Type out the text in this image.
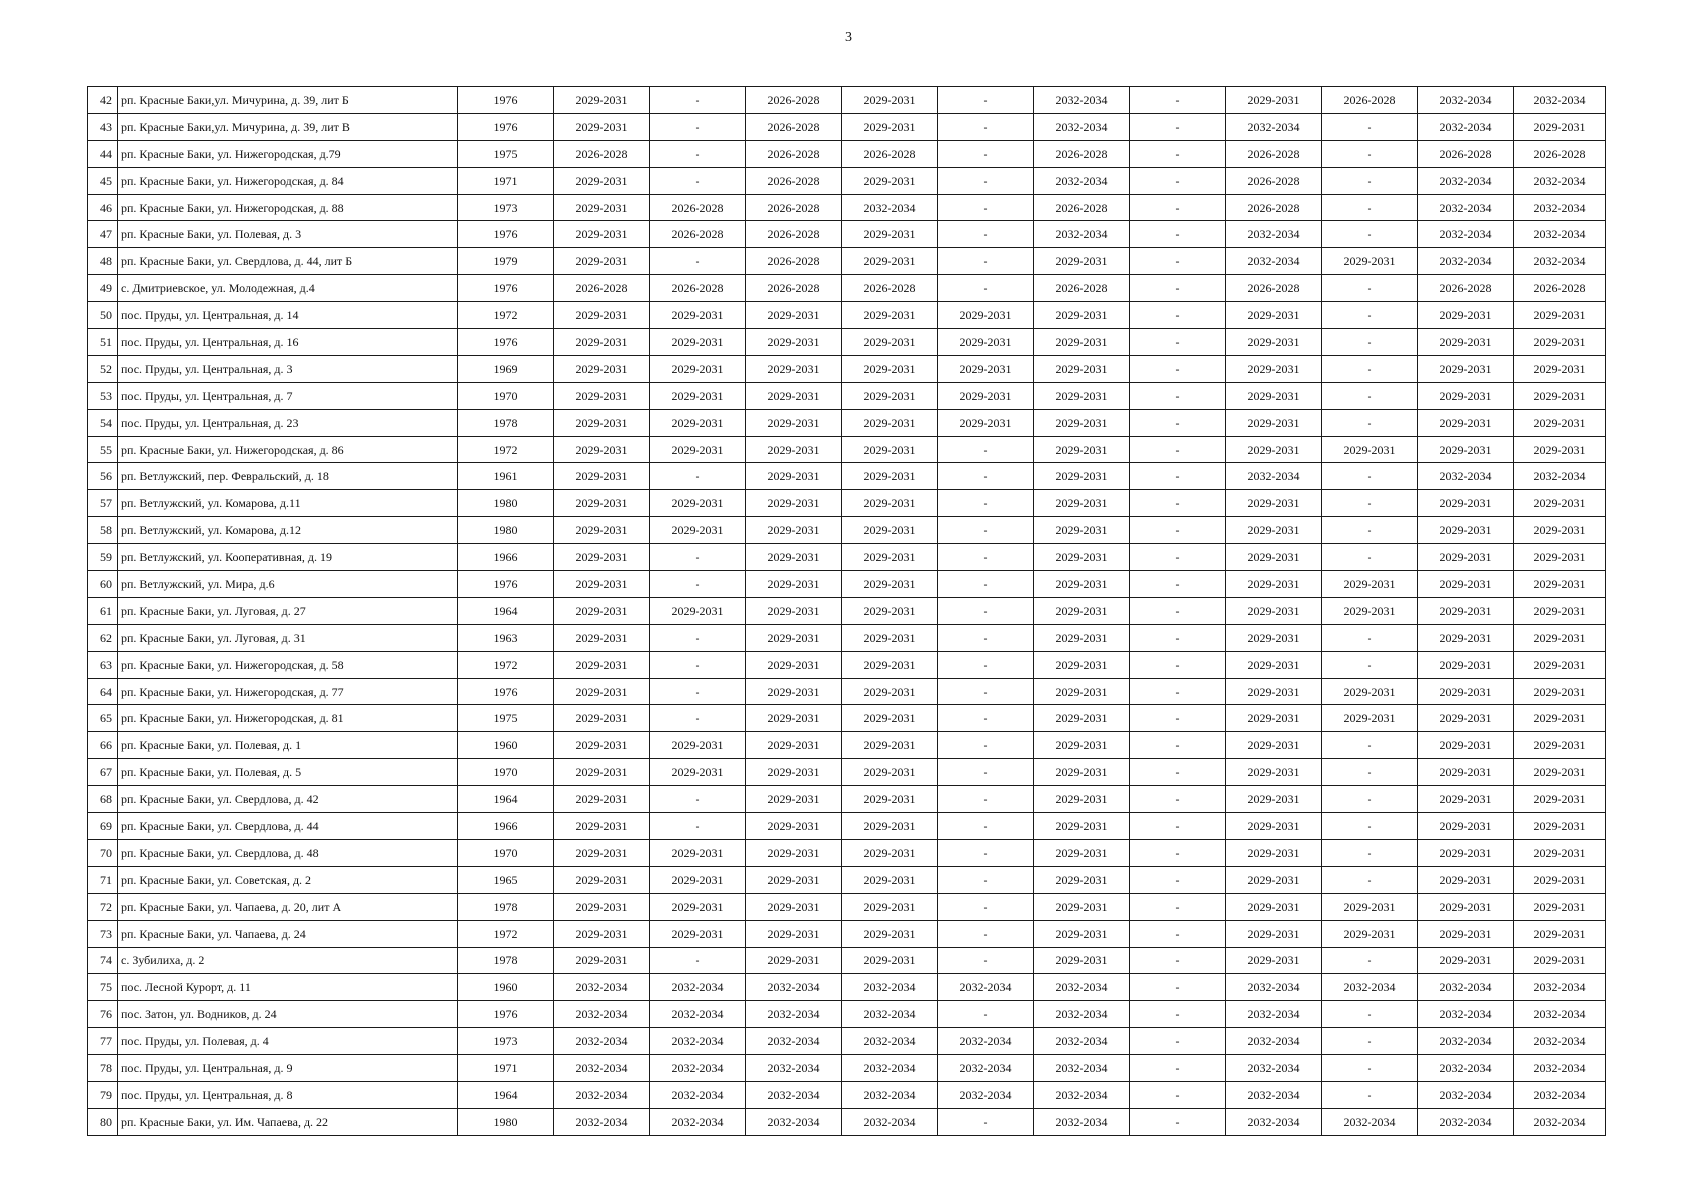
3
42	рп. Красные Баки,ул. Мичурина, д. 39, лит Б	1976	2029-2031	-	2026-2028	2029-2031	-	2032-2034	-	2029-2031	2026-2028	2032-2034	2032-2034
43	рп. Красные Баки,ул. Мичурина, д. 39, лит В	1976	2029-2031	-	2026-2028	2029-2031	-	2032-2034	-	2032-2034	-	2032-2034	2029-2031
44	рп. Красные Баки, ул. Нижегородская, д.79	1975	2026-2028	-	2026-2028	2026-2028	-	2026-2028	-	2026-2028	-	2026-2028	2026-2028
45	рп. Красные Баки, ул. Нижегородская, д. 84	1971	2029-2031	-	2026-2028	2029-2031	-	2032-2034	-	2026-2028	-	2032-2034	2032-2034
46	рп. Красные Баки, ул. Нижегородская, д. 88	1973	2029-2031	2026-2028	2026-2028	2032-2034	-	2026-2028	-	2026-2028	-	2032-2034	2032-2034
47	рп. Красные Баки, ул. Полевая, д. 3	1976	2029-2031	2026-2028	2026-2028	2029-2031	-	2032-2034	-	2032-2034	-	2032-2034	2032-2034
48	рп. Красные Баки, ул. Свердлова, д. 44, лит Б	1979	2029-2031	-	2026-2028	2029-2031	-	2029-2031	-	2032-2034	2029-2031	2032-2034	2032-2034
49	с. Дмитриевское, ул. Молодежная, д.4	1976	2026-2028	2026-2028	2026-2028	2026-2028	-	2026-2028	-	2026-2028	-	2026-2028	2026-2028
50	пос. Пруды, ул. Центральная, д. 14	1972	2029-2031	2029-2031	2029-2031	2029-2031	2029-2031	2029-2031	-	2029-2031	-	2029-2031	2029-2031
51	пос. Пруды, ул. Центральная, д. 16	1976	2029-2031	2029-2031	2029-2031	2029-2031	2029-2031	2029-2031	-	2029-2031	-	2029-2031	2029-2031
52	пос. Пруды, ул. Центральная, д. 3	1969	2029-2031	2029-2031	2029-2031	2029-2031	2029-2031	2029-2031	-	2029-2031	-	2029-2031	2029-2031
53	пос. Пруды, ул. Центральная, д. 7	1970	2029-2031	2029-2031	2029-2031	2029-2031	2029-2031	2029-2031	-	2029-2031	-	2029-2031	2029-2031
54	пос. Пруды, ул. Центральная, д. 23	1978	2029-2031	2029-2031	2029-2031	2029-2031	2029-2031	2029-2031	-	2029-2031	-	2029-2031	2029-2031
55	рп. Красные Баки, ул. Нижегородская, д. 86	1972	2029-2031	2029-2031	2029-2031	2029-2031	-	2029-2031	-	2029-2031	2029-2031	2029-2031	2029-2031
56	рп. Ветлужский, пер. Февральский, д. 18	1961	2029-2031	-	2029-2031	2029-2031	-	2029-2031	-	2032-2034	-	2032-2034	2032-2034
57	рп. Ветлужский, ул. Комарова, д.11	1980	2029-2031	2029-2031	2029-2031	2029-2031	-	2029-2031	-	2029-2031	-	2029-2031	2029-2031
58	рп. Ветлужский, ул. Комарова, д.12	1980	2029-2031	2029-2031	2029-2031	2029-2031	-	2029-2031	-	2029-2031	-	2029-2031	2029-2031
59	рп. Ветлужский, ул. Кооперативная, д. 19	1966	2029-2031	-	2029-2031	2029-2031	-	2029-2031	-	2029-2031	-	2029-2031	2029-2031
60	рп. Ветлужский, ул. Мира, д.6	1976	2029-2031	-	2029-2031	2029-2031	-	2029-2031	-	2029-2031	2029-2031	2029-2031	2029-2031
61	рп. Красные Баки, ул. Луговая, д. 27	1964	2029-2031	2029-2031	2029-2031	2029-2031	-	2029-2031	-	2029-2031	2029-2031	2029-2031	2029-2031
62	рп. Красные Баки, ул. Луговая, д. 31	1963	2029-2031	-	2029-2031	2029-2031	-	2029-2031	-	2029-2031	-	2029-2031	2029-2031
63	рп. Красные Баки, ул. Нижегородская, д. 58	1972	2029-2031	-	2029-2031	2029-2031	-	2029-2031	-	2029-2031	-	2029-2031	2029-2031
64	рп. Красные Баки, ул. Нижегородская, д. 77	1976	2029-2031	-	2029-2031	2029-2031	-	2029-2031	-	2029-2031	2029-2031	2029-2031	2029-2031
65	рп. Красные Баки, ул. Нижегородская, д. 81	1975	2029-2031	-	2029-2031	2029-2031	-	2029-2031	-	2029-2031	2029-2031	2029-2031	2029-2031
66	рп. Красные Баки, ул. Полевая, д. 1	1960	2029-2031	2029-2031	2029-2031	2029-2031	-	2029-2031	-	2029-2031	-	2029-2031	2029-2031
67	рп. Красные Баки, ул. Полевая, д. 5	1970	2029-2031	2029-2031	2029-2031	2029-2031	-	2029-2031	-	2029-2031	-	2029-2031	2029-2031
68	рп. Красные Баки, ул. Свердлова, д. 42	1964	2029-2031	-	2029-2031	2029-2031	-	2029-2031	-	2029-2031	-	2029-2031	2029-2031
69	рп. Красные Баки, ул. Свердлова, д. 44	1966	2029-2031	-	2029-2031	2029-2031	-	2029-2031	-	2029-2031	-	2029-2031	2029-2031
70	рп. Красные Баки, ул. Свердлова, д. 48	1970	2029-2031	2029-2031	2029-2031	2029-2031	-	2029-2031	-	2029-2031	-	2029-2031	2029-2031
71	рп. Красные Баки, ул. Советская, д. 2	1965	2029-2031	2029-2031	2029-2031	2029-2031	-	2029-2031	-	2029-2031	-	2029-2031	2029-2031
72	рп. Красные Баки, ул. Чапаева, д. 20, лит А	1978	2029-2031	2029-2031	2029-2031	2029-2031	-	2029-2031	-	2029-2031	2029-2031	2029-2031	2029-2031
73	рп. Красные Баки, ул. Чапаева, д. 24	1972	2029-2031	2029-2031	2029-2031	2029-2031	-	2029-2031	-	2029-2031	2029-2031	2029-2031	2029-2031
74	с. Зубилиха, д. 2	1978	2029-2031	-	2029-2031	2029-2031	-	2029-2031	-	2029-2031	-	2029-2031	2029-2031
75	пос. Лесной Курорт, д. 11	1960	2032-2034	2032-2034	2032-2034	2032-2034	2032-2034	2032-2034	-	2032-2034	2032-2034	2032-2034	2032-2034
76	пос. Затон, ул. Водников, д. 24	1976	2032-2034	2032-2034	2032-2034	2032-2034	-	2032-2034	-	2032-2034	-	2032-2034	2032-2034
77	пос. Пруды, ул. Полевая, д. 4	1973	2032-2034	2032-2034	2032-2034	2032-2034	2032-2034	2032-2034	-	2032-2034	-	2032-2034	2032-2034
78	пос. Пруды, ул. Центральная, д. 9	1971	2032-2034	2032-2034	2032-2034	2032-2034	2032-2034	2032-2034	-	2032-2034	-	2032-2034	2032-2034
79	пос. Пруды, ул. Центральная, д. 8	1964	2032-2034	2032-2034	2032-2034	2032-2034	2032-2034	2032-2034	-	2032-2034	-	2032-2034	2032-2034
80	рп. Красные Баки, ул. Им. Чапаева, д. 22	1980	2032-2034	2032-2034	2032-2034	2032-2034	-	2032-2034	-	2032-2034	2032-2034	2032-2034	2032-2034
